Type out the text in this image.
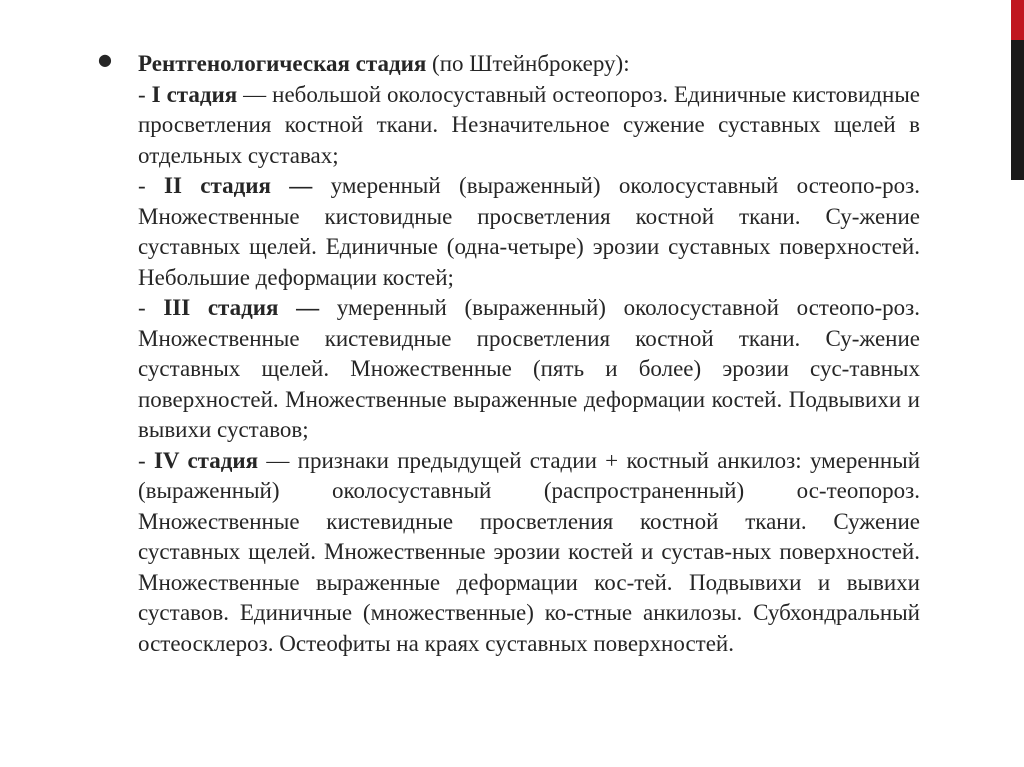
● Рентгенологическая стадия (по Штейнброкеру):

- I стадия — небольшой околосуставный остеопороз. Единичные кистовидные просветления костной ткани. Незначительное сужение суставных щелей в отдельных суставах;

- II стадия — умеренный (выраженный) околосуставный остеопо-роз. Множественные кистовидные просветления костной ткани. Су-жение суставных щелей. Единичные (одна-четыре) эрозии суставных поверхностей. Небольшие деформации костей;

- III стадия — умеренный (выраженный) околосуставной остеопо-роз. Множественные кистевидные просветления костной ткани. Су-жение суставных щелей. Множественные (пять и более) эрозии сус-тавных поверхностей. Множественные выраженные деформации костей. Подвывихи и вывихи суставов;

- IV стадия — признаки предыдущей стадии + костный анкилоз: умеренный (выраженный) околосуставный (распространенный) ос-теопороз. Множественные кистевидные просветления костной ткани. Сужение суставных щелей. Множественные эрозии костей и сустав-ных поверхностей. Множественные выраженные деформации кос-тей. Подвывихи и вывихи суставов. Единичные (множественные) ко-стные анкилозы. Субхондральный остеосклероз. Остеофиты на краях суставных поверхностей.
